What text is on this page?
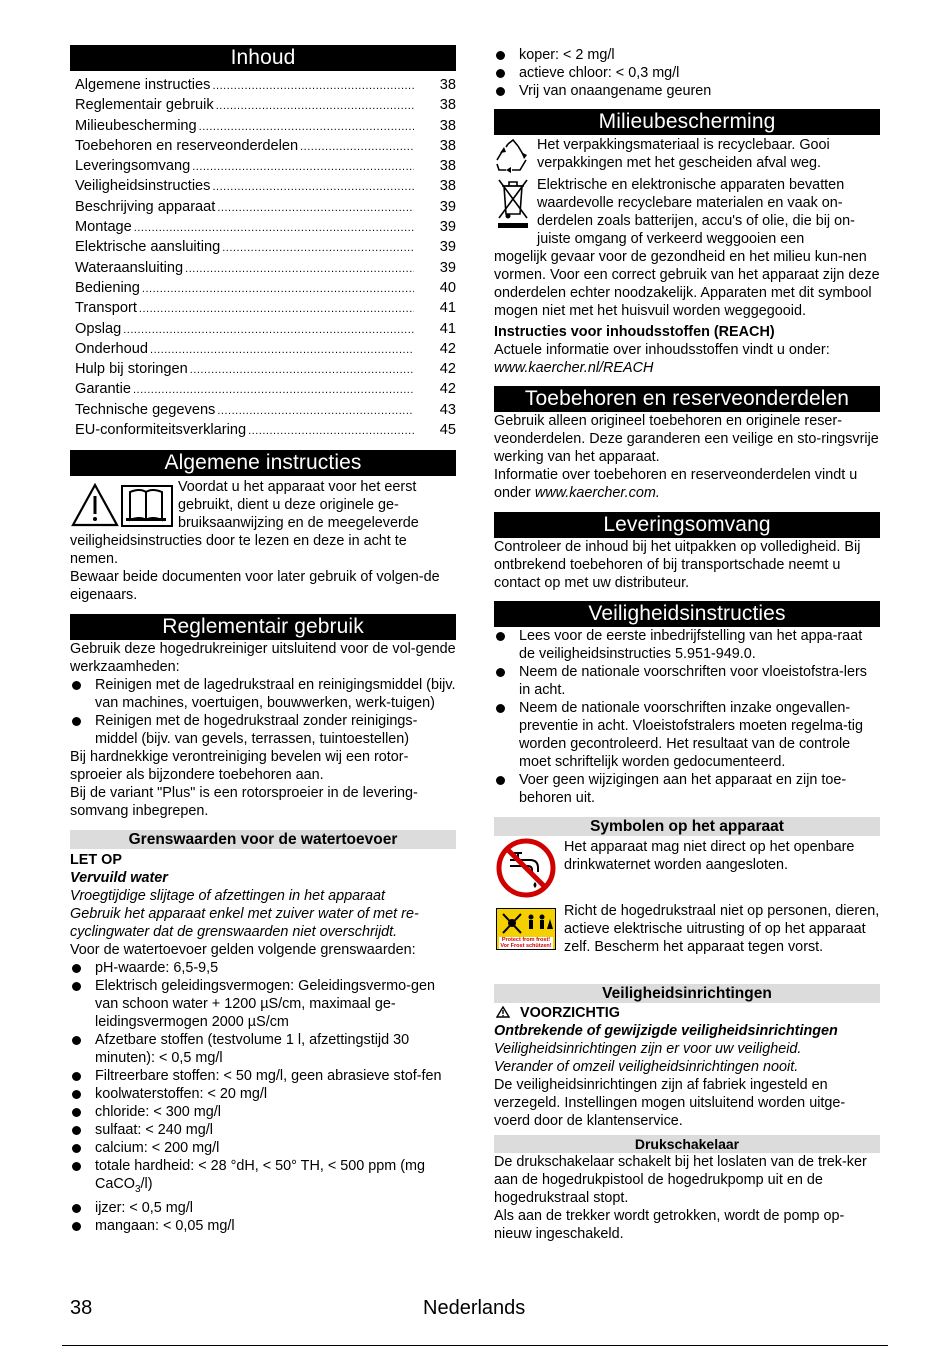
Inhoud
Algemene instructies .....	38
Reglementair gebruik .....	38
Milieubescherming .....	38
Toebehoren en reserveonderdelen .....	38
Leveringsomvang .....	38
Veiligheidsinstructies .....	38
Beschrijving apparaat .....	39
Montage .....	39
Elektrische aansluiting .....	39
Wateraansluiting .....	39
Bediening .....	40
Transport .....	41
Opslag .....	41
Onderhoud .....	42
Hulp bij storingen .....	42
Garantie .....	42
Technische gegevens .....	43
EU-conformiteitsverklaring .....	45
Algemene instructies

Voordat u het apparaat voor het eerst

gebruikt, dient u deze originele ge-

bruiksaanwijzing en de meegeleverde

veiligheidsinstructies door te lezen en deze in acht te nemen.

Bewaar beide documenten voor later gebruik of volgen-de eigenaars.

Reglementair gebruik

Gebruik deze hogedrukreiniger uitsluitend voor de vol-gende werkzaamheden:

Reinigen met de lagedrukstraal en reinigingsmiddel (bijv. van machines, voertuigen, bouwwerken, werk-tuigen)
Reinigen met de hogedrukstraal zonder reinigings-middel (bijv. van gevels, terrassen, tuintoestellen)

Bij hardnekkige verontreiniging bevelen wij een rotor-sproeier als bijzondere toebehoren aan.

Bij de variant "Plus" is een rotorsproeier in de levering-somvang inbegrepen.

Grenswaarden voor de watertoevoer

LET OP

Vervuild water

Vroegtijdige slijtage of afzettingen in het apparaat

Gebruik het apparaat enkel met zuiver water of met re-cyclingwater dat de grenswaarden niet overschrijdt.

Voor de watertoevoer gelden volgende grenswaarden:

pH-waarde: 6,5-9,5
Elektrisch geleidingsvermogen: Geleidingsvermo-gen van schoon water + 1200 µS/cm, maximaal ge-leidingsvermogen 2000 µS/cm
Afzetbare stoffen (testvolume 1 l, afzettingstijd 30 minuten): < 0,5 mg/l
Filtreerbare stoffen: < 50 mg/l, geen abrasieve stof-fen
koolwaterstoffen: < 20 mg/l
chloride: < 300 mg/l
sulfaat: < 240 mg/l
calcium: < 200 mg/l
totale hardheid: < 28 °dH, < 50° TH, < 500 ppm (mg CaCO$_3$/l)
ijzer: < 0,5 mg/l
mangaan: < 0,05 mg/l
koper: < 2 mg/l
actieve chloor: < 0,3 mg/l
Vrij van onaangename geuren
Milieubescherming

Het verpakkingsmateriaal is recyclebaar. Gooi verpakkingen met het gescheiden afval weg.

Elektrische en elektronische apparaten bevatten

waardevolle recyclebare materialen en vaak on-

derdelen zoals batterijen, accu's of olie, die bij on-

juiste omgang of verkeerd weggooien een

mogelijk gevaar voor de gezondheid en het milieu kun-nen vormen. Voor een correct gebruik van het apparaat zijn deze onderdelen echter noodzakelijk. Apparaten met dit symbool mogen niet met het huisvuil worden weggegooid.

Instructies voor inhoudsstoffen (REACH)

Actuele informatie over inhoudsstoffen vindt u onder:

www.kaercher.nl/REACH

Toebehoren en reserveonderdelen

Gebruik alleen origineel toebehoren en originele reser-veonderdelen. Deze garanderen een veilige en sto-ringsvrije werking van het apparaat.

Informatie over toebehoren en reserveonderdelen vindt u onder www.kaercher.com.

Leveringsomvang

Controleer de inhoud bij het uitpakken op volledigheid. Bij ontbrekend toebehoren of bij transportschade neemt u contact op met uw distributeur.

Veiligheidsinstructies
Lees voor de eerste inbedrijfstelling van het appa-raat de veiligheidsinstructies 5.951-949.0.
Neem de nationale voorschriften voor vloeistofstra-lers in acht.
Neem de nationale voorschriften inzake ongevallen-preventie in acht. Vloeistofstralers moeten regelma-tig worden gecontroleerd. Het resultaat van de controle moet schriftelijk worden gedocumenteerd.
Voer geen wijzigingen aan het apparaat en zijn toe-behoren uit.
Symbolen op het apparaat

Het apparaat mag niet direct op het openbare drinkwaternet worden aangesloten.

Protect from frost!
Vor Frost schützen!

Richt de hogedrukstraal niet op personen, dieren, actieve elektrische uitrusting of op het apparaat zelf. Bescherm het apparaat tegen vorst.

Veiligheidsinrichtingen

VOORZICHTIG

Ontbrekende of gewijzigde veiligheidsinrichtingen

Veiligheidsinrichtingen zijn er voor uw veiligheid.

Verander of omzeil veiligheidsinrichtingen nooit.

De veiligheidsinrichtingen zijn af fabriek ingesteld en verzegeld. Instellingen mogen uitsluitend worden uitge-voerd door de klantenservice.

Drukschakelaar

De drukschakelaar schakelt bij het loslaten van de trek-ker aan de hogedrukpistool de hogedrukpomp uit en de hogedrukstraal stopt.

Als aan de trekker wordt getrokken, wordt de pomp op-nieuw ingeschakeld.

38	Nederlands
